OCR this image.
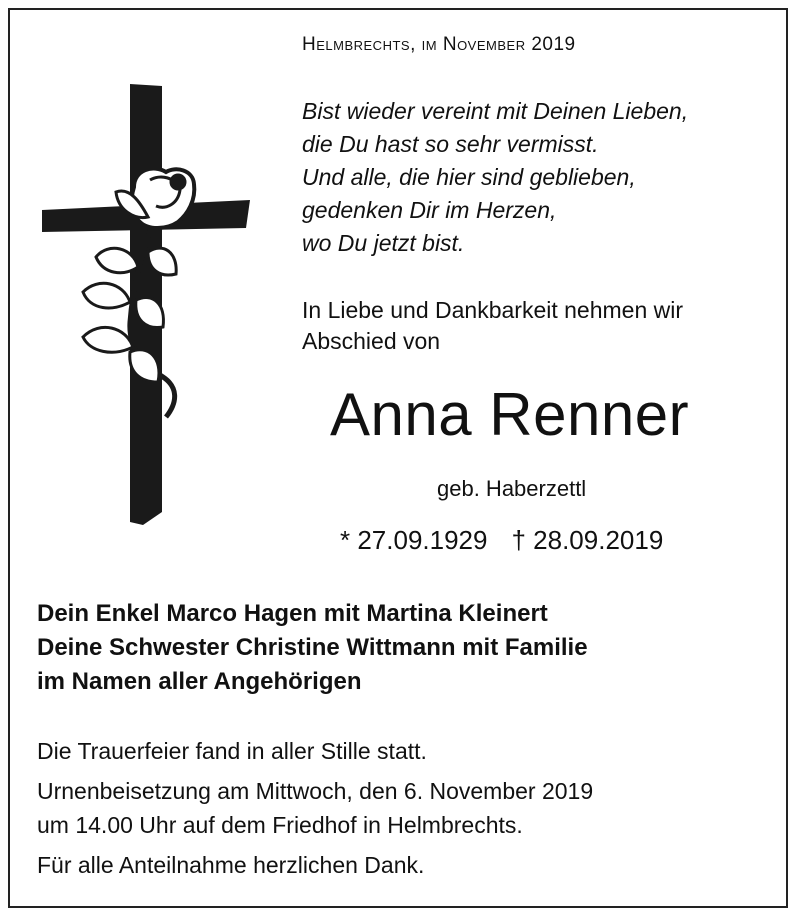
Helmbrechts, im November 2019
Bist wieder vereint mit Deinen Lieben,
die Du hast so sehr vermisst.
Und alle, die hier sind geblieben,
gedenken Dir im Herzen,
wo Du jetzt bist.
In Liebe und Dankbarkeit nehmen wir
Abschied von
Anna Renner
geb. Haberzettl
* 27.09.1929 † 28.09.2019
Dein Enkel Marco Hagen mit Martina Kleinert
Deine Schwester Christine Wittmann mit Familie
im Namen aller Angehörigen
Die Trauerfeier fand in aller Stille statt.
Urnenbeisetzung am Mittwoch, den 6. November 2019
um 14.00 Uhr auf dem Friedhof in Helmbrechts.
Für alle Anteilnahme herzlichen Dank.
